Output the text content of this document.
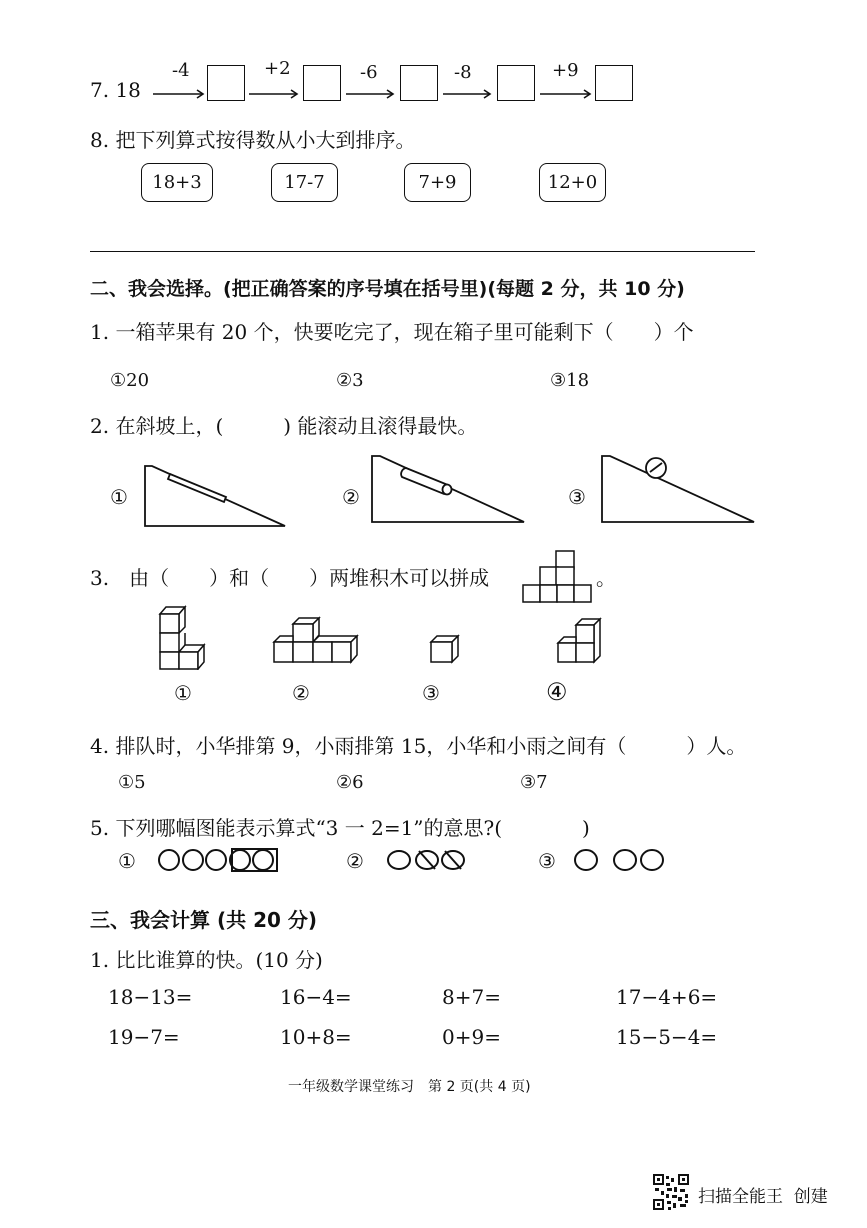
7. 18
-4	+2	-6	-8	+9
8. 把下列算式按得数从小大到排序。
18+3	17-7	7+9	12+0
二、我会选择。(把正确答案的序号填在括号里)(每题 2 分，共 10 分)
1. 一箱苹果有 20 个，快要吃完了，现在箱子里可能剩下（　　）个
①20	②3	③18
2. 在斜坡上，(　　　) 能滚动且滚得最快。
①	②	③
3.　由（　　）和（　　）两堆积木可以拼成	。
①	②	③	④
4. 排队时，小华排第 9，小雨排第 15，小华和小雨之间有（　　　）人。
①5	②6	③7
5. 下列哪幅图能表示算式“3 一 2=1”的意思?(　　　　)
①	②	③
三、我会计算 (共 20 分)
1. 比比谁算的快。(10 分)
18−13=	16−4=	8+7=	17−4+6=
19−7=	10+8=	0+9=	15−5−4=
一年级数学课堂练习　第 2 页(共 4 页)
扫描全能王  创建
